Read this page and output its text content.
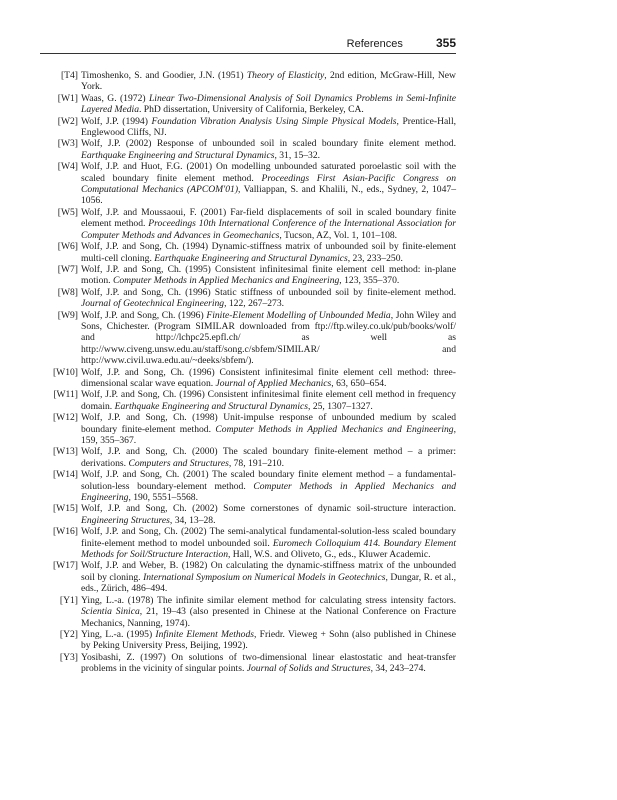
References	355
[T4] Timoshenko, S. and Goodier, J.N. (1951) Theory of Elasticity, 2nd edition, McGraw-Hill, New York.
[W1] Waas, G. (1972) Linear Two-Dimensional Analysis of Soil Dynamics Problems in Semi-Infinite Layered Media. PhD dissertation, University of California, Berkeley, CA.
[W2] Wolf, J.P. (1994) Foundation Vibration Analysis Using Simple Physical Models, Prentice-Hall, Englewood Cliffs, NJ.
[W3] Wolf, J.P. (2002) Response of unbounded soil in scaled boundary finite element method. Earthquake Engineering and Structural Dynamics, 31, 15–32.
[W4] Wolf, J.P. and Huot, F.G. (2001) On modelling unbounded saturated poroelastic soil with the scaled boundary finite element method. Proceedings First Asian-Pacific Congress on Computational Mechanics (APCOM'01), Valliappan, S. and Khalili, N., eds., Sydney, 2, 1047–1056.
[W5] Wolf, J.P. and Moussaoui, F. (2001) Far-field displacements of soil in scaled boundary finite element method. Proceedings 10th International Conference of the International Association for Computer Methods and Advances in Geomechanics, Tucson, AZ, Vol. 1, 101–108.
[W6] Wolf, J.P. and Song, Ch. (1994) Dynamic-stiffness matrix of unbounded soil by finite-element multi-cell cloning. Earthquake Engineering and Structural Dynamics, 23, 233–250.
[W7] Wolf, J.P. and Song, Ch. (1995) Consistent infinitesimal finite element cell method: in-plane motion. Computer Methods in Applied Mechanics and Engineering, 123, 355–370.
[W8] Wolf, J.P. and Song, Ch. (1996) Static stiffness of unbounded soil by finite-element method. Journal of Geotechnical Engineering, 122, 267–273.
[W9] Wolf, J.P. and Song, Ch. (1996) Finite-Element Modelling of Unbounded Media, John Wiley and Sons, Chichester. (Program SIMILAR downloaded from ftp://ftp.wiley.co.uk/pub/books/wolf/ and http://lchpc25.epfl.ch/ as well as http://www.civeng.unsw.edu.au/staff/song.c/sbfem/SIMILAR/ and http://www.civil.uwa.edu.au/~deeks/sbfem/).
[W10] Wolf, J.P. and Song, Ch. (1996) Consistent infinitesimal finite element cell method: three-dimensional scalar wave equation. Journal of Applied Mechanics, 63, 650–654.
[W11] Wolf, J.P. and Song, Ch. (1996) Consistent infinitesimal finite element cell method in frequency domain. Earthquake Engineering and Structural Dynamics, 25, 1307–1327.
[W12] Wolf, J.P. and Song, Ch. (1998) Unit-impulse response of unbounded medium by scaled boundary finite-element method. Computer Methods in Applied Mechanics and Engineering, 159, 355–367.
[W13] Wolf, J.P. and Song, Ch. (2000) The scaled boundary finite-element method – a primer: derivations. Computers and Structures, 78, 191–210.
[W14] Wolf, J.P. and Song, Ch. (2001) The scaled boundary finite element method – a fundamental-solution-less boundary-element method. Computer Methods in Applied Mechanics and Engineering, 190, 5551–5568.
[W15] Wolf, J.P. and Song, Ch. (2002) Some cornerstones of dynamic soil-structure interaction. Engineering Structures, 34, 13–28.
[W16] Wolf, J.P. and Song, Ch. (2002) The semi-analytical fundamental-solution-less scaled boundary finite-element method to model unbounded soil. Euromech Colloquium 414. Boundary Element Methods for Soil/Structure Interaction, Hall, W.S. and Oliveto, G., eds., Kluwer Academic.
[W17] Wolf, J.P. and Weber, B. (1982) On calculating the dynamic-stiffness matrix of the unbounded soil by cloning. International Symposium on Numerical Models in Geotechnics, Dungar, R. et al., eds., Zürich, 486–494.
[Y1] Ying, L.-a. (1978) The infinite similar element method for calculating stress intensity factors. Scientia Sinica, 21, 19–43 (also presented in Chinese at the National Conference on Fracture Mechanics, Nanning, 1974).
[Y2] Ying, L.-a. (1995) Infinite Element Methods, Friedr. Vieweg + Sohn (also published in Chinese by Peking University Press, Beijing, 1992).
[Y3] Yosibashi, Z. (1997) On solutions of two-dimensional linear elastostatic and heat-transfer problems in the vicinity of singular points. Journal of Solids and Structures, 34, 243–274.
